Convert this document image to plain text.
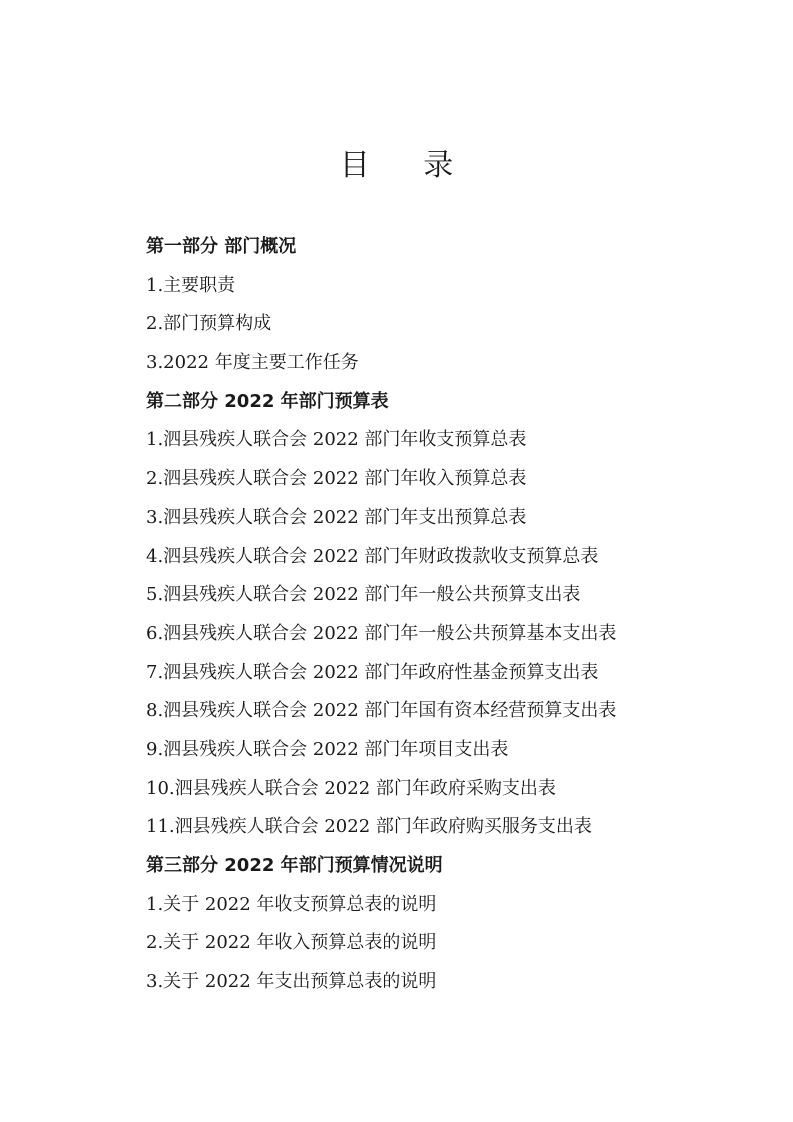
目 录
第一部分 部门概况
1.主要职责
2.部门预算构成
3.2022 年度主要工作任务
第二部分 2022 年部门预算表
1.泗县残疾人联合会 2022 部门年收支预算总表
2.泗县残疾人联合会 2022 部门年收入预算总表
3.泗县残疾人联合会 2022 部门年支出预算总表
4.泗县残疾人联合会 2022 部门年财政拨款收支预算总表
5.泗县残疾人联合会 2022 部门年一般公共预算支出表
6.泗县残疾人联合会 2022 部门年一般公共预算基本支出表
7.泗县残疾人联合会 2022 部门年政府性基金预算支出表
8.泗县残疾人联合会 2022 部门年国有资本经营预算支出表
9.泗县残疾人联合会 2022 部门年项目支出表
10.泗县残疾人联合会 2022 部门年政府采购支出表
11.泗县残疾人联合会 2022 部门年政府购买服务支出表
第三部分 2022 年部门预算情况说明
1.关于 2022 年收支预算总表的说明
2.关于 2022 年收入预算总表的说明
3.关于 2022 年支出预算总表的说明
